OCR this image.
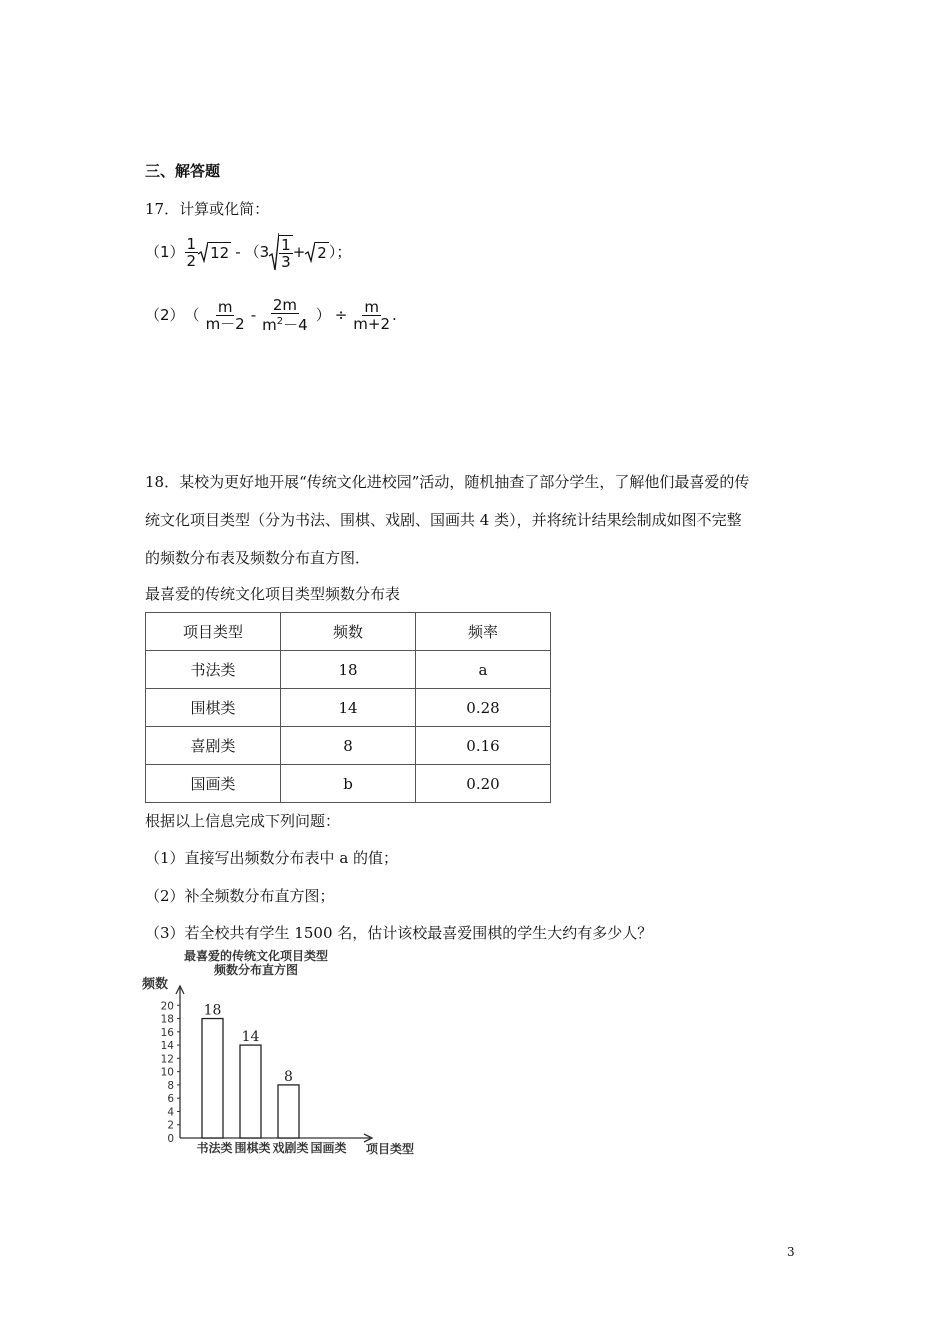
三、解答题
17．计算或化简：
$(1) \frac{1}{2} 12 - (3 \frac{1}{3} + 2$ ）；
（2） （ $\frac{m}{m-2} - \frac{2m}{m^2-4}$ ） ÷ $\frac{m}{m+2}$ .
18．某校为更好地开展“传统文化进校园”活动，随机抽查了部分学生，了解他们最喜爱的传
统文化项目类型（分为书法、围棋、戏剧、国画共 4 类），并将统计结果绘制成如图不完整
的频数分布表及频数分布直方图．
最喜爱的传统文化项目类型频数分布表
项目类型	频数	频率
书法类	18	a
围棋类	14	0.28
喜剧类	8	0.16
国画类	b	0.20
根据以上信息完成下列问题：
（1）直接写出频数分布表中 a 的值；
（2）补全频数分布直方图；
（3）若全校共有学生 1500 名，估计该校最喜爱围棋的学生大约有多少人？
最喜爱的传统文化项目类型
频数分布直方图
频数
项目类型
0
2
4
6
8
10
12
14
16
18
20 18
14
8
书法类 围棋类 戏剧类 国画类
3
